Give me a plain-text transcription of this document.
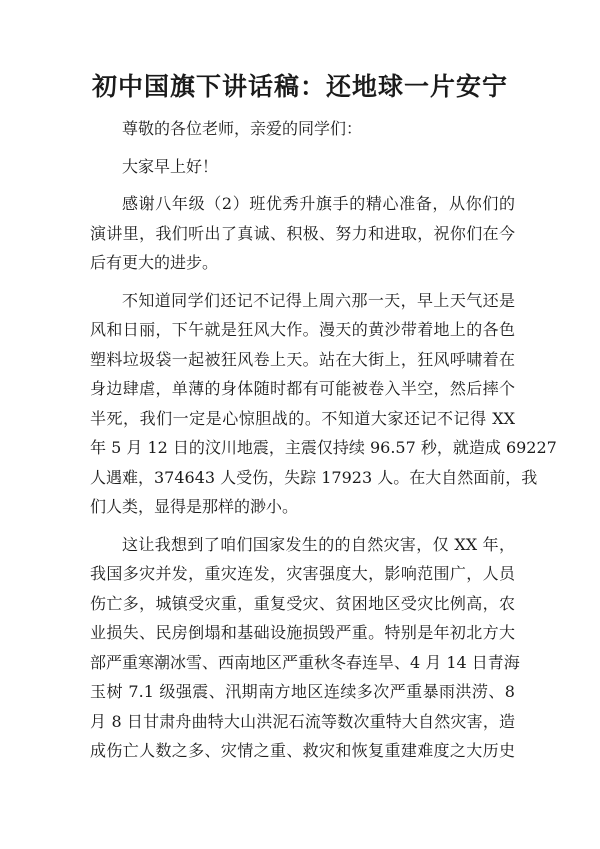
初中国旗下讲话稿：还地球一片安宁
尊敬的各位老师，亲爱的同学们：
大家早上好！
感谢八年级（2）班优秀升旗手的精心准备，从你们的
演讲里，我们听出了真诚、积极、努力和进取，祝你们在今
后有更大的进步。
不知道同学们还记不记得上周六那一天，早上天气还是
风和日丽，下午就是狂风大作。漫天的黄沙带着地上的各色
塑料垃圾袋一起被狂风卷上天。站在大街上，狂风呼啸着在
身边肆虐，单薄的身体随时都有可能被卷入半空，然后摔个
半死，我们一定是心惊胆战的。不知道大家还记不记得 XX
年 5 月 12 日的汶川地震，主震仅持续 96.57 秒，就造成 69227
人遇难，374643 人受伤，失踪 17923 人。在大自然面前，我
们人类，显得是那样的渺小。
这让我想到了咱们国家发生的的自然灾害，仅 XX 年，
我国多灾并发，重灾连发，灾害强度大，影响范围广，人员
伤亡多，城镇受灾重，重复受灾、贫困地区受灾比例高，农
业损失、民房倒塌和基础设施损毁严重。特别是年初北方大
部严重寒潮冰雪、西南地区严重秋冬春连旱、4 月 14 日青海
玉树 7.1 级强震、汛期南方地区连续多次严重暴雨洪涝、8
月 8 日甘肃舟曲特大山洪泥石流等数次重特大自然灾害，造
成伤亡人数之多、灾情之重、救灾和恢复重建难度之大历史
